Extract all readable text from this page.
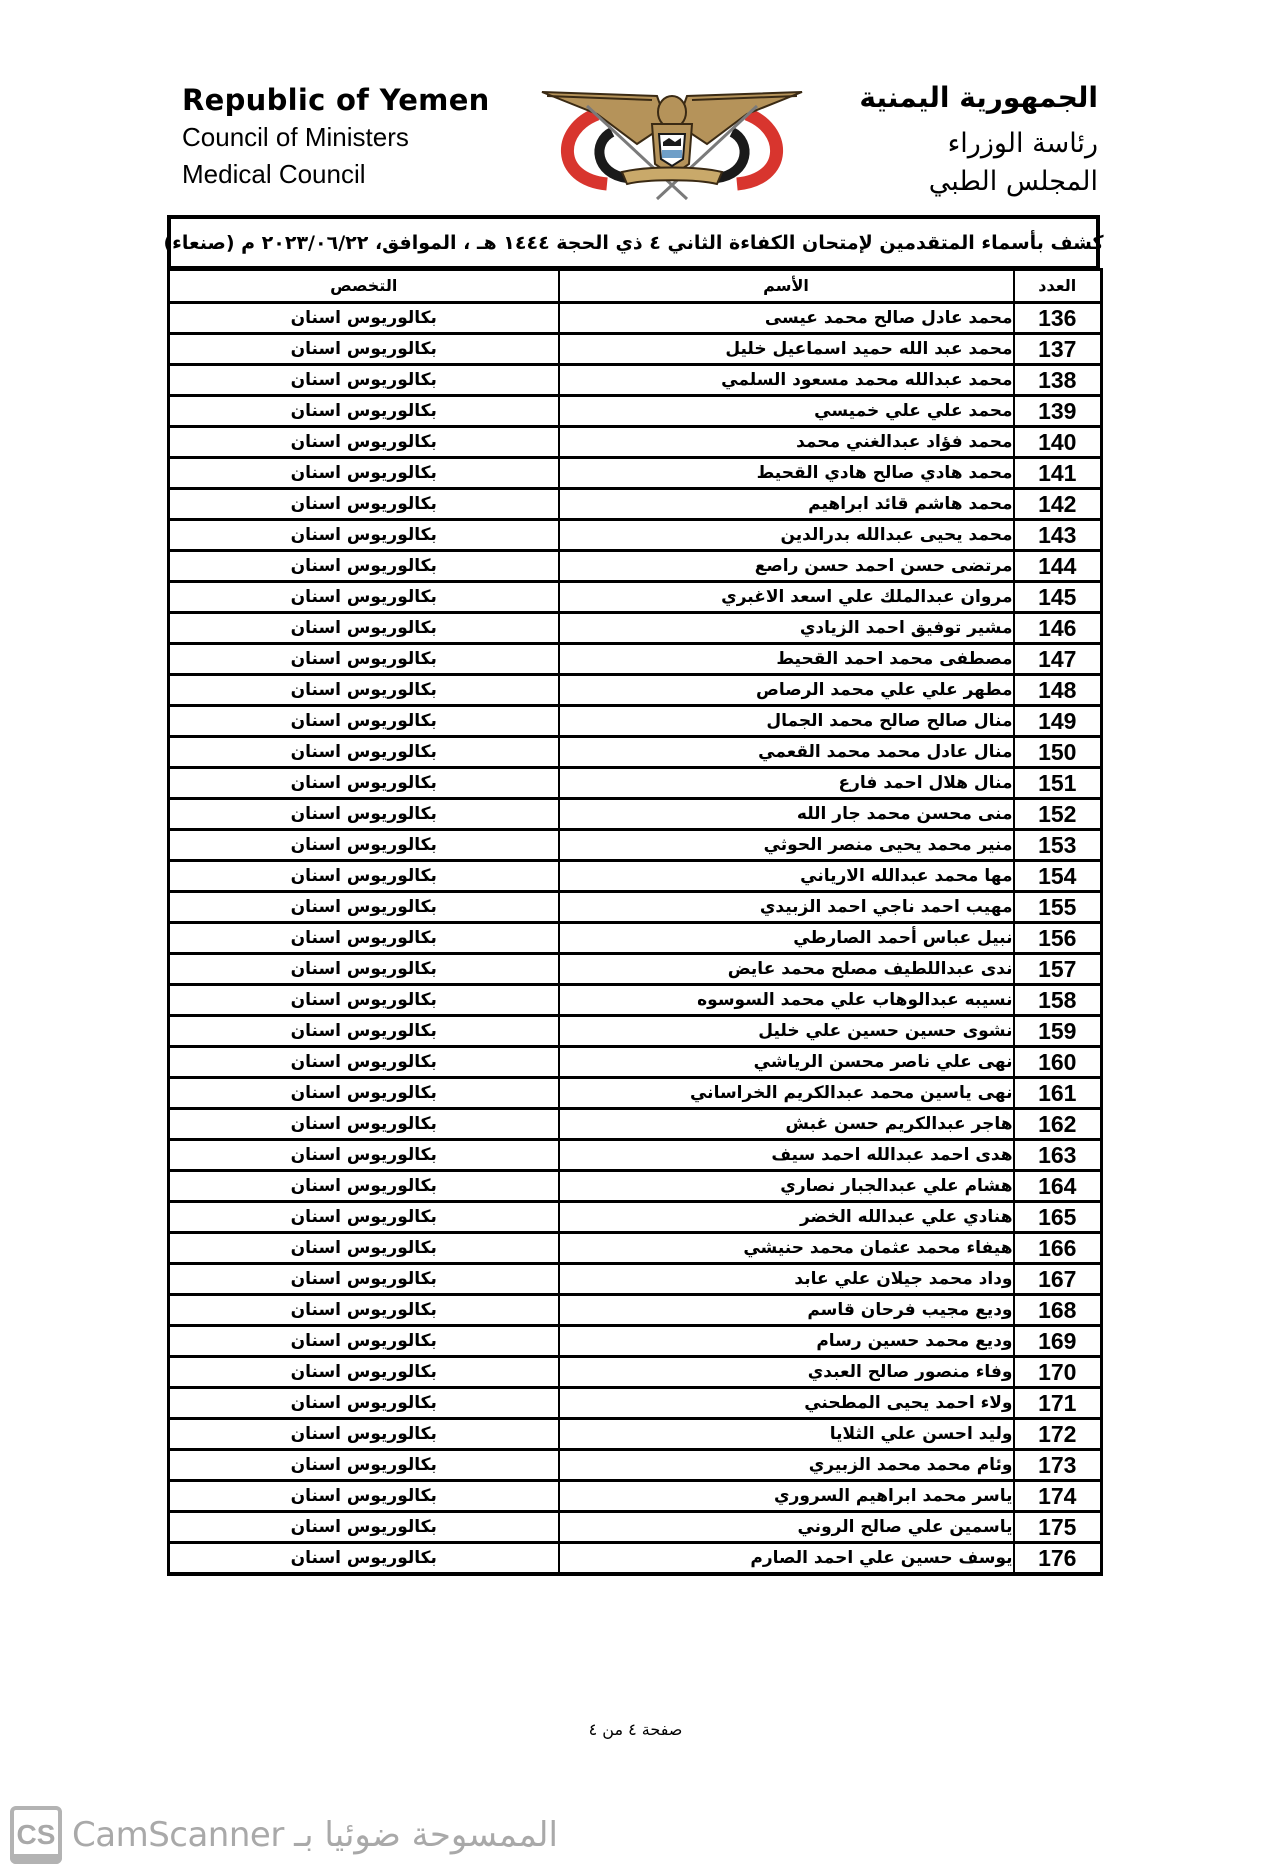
Republic of Yemen
Council of Ministers
Medical Council
الجمهورية اليمنية
رئاسة الوزراء
المجلس الطبي
كشف بأسماء المتقدمين لإمتحان الكفاءة الثاني ٤ ذي الحجة ١٤٤٤ هـ ، الموافق، ٢٠٢٣/٠٦/٢٢ م (صنعاء)
العدد	الأسم	التخصص
136	محمد عادل صالح محمد عيسى	بكالوريوس اسنان
137	محمد عبد الله حميد اسماعيل خليل	بكالوريوس اسنان
138	محمد عبدالله محمد مسعود السلمي	بكالوريوس اسنان
139	محمد علي علي خميسي	بكالوريوس اسنان
140	محمد فؤاد عبدالغني محمد	بكالوريوس اسنان
141	محمد هادي صالح هادي القحيط	بكالوريوس اسنان
142	محمد هاشم قائد ابراهيم	بكالوريوس اسنان
143	محمد يحيى عبدالله بدرالدين	بكالوريوس اسنان
144	مرتضى حسن احمد حسن راصع	بكالوريوس اسنان
145	مروان عبدالملك علي اسعد الاغبري	بكالوريوس اسنان
146	مشير توفيق احمد الزيادي	بكالوريوس اسنان
147	مصطفى محمد احمد القحيط	بكالوريوس اسنان
148	مطهر علي علي محمد الرصاص	بكالوريوس اسنان
149	منال صالح صالح محمد الجمال	بكالوريوس اسنان
150	منال عادل محمد محمد القعمي	بكالوريوس اسنان
151	منال هلال احمد فارع	بكالوريوس اسنان
152	منى محسن محمد جار الله	بكالوريوس اسنان
153	منير محمد يحيى منصر الحوثي	بكالوريوس اسنان
154	مها محمد عبدالله الارياني	بكالوريوس اسنان
155	مهيب احمد ناجي احمد الزبيدي	بكالوريوس اسنان
156	نبيل عباس أحمد الصارطي	بكالوريوس اسنان
157	ندى عبداللطيف مصلح محمد عايض	بكالوريوس اسنان
158	نسيبه عبدالوهاب علي محمد السوسوه	بكالوريوس اسنان
159	نشوى حسين حسين علي خليل	بكالوريوس اسنان
160	نهى علي ناصر محسن الرياشي	بكالوريوس اسنان
161	نهى ياسين محمد عبدالكريم الخراساني	بكالوريوس اسنان
162	هاجر عبدالكريم حسن غبش	بكالوريوس اسنان
163	هدى احمد عبدالله احمد سيف	بكالوريوس اسنان
164	هشام علي عبدالجبار نصاري	بكالوريوس اسنان
165	هنادي علي عبدالله الخضر	بكالوريوس اسنان
166	هيفاء محمد عثمان محمد حنيشي	بكالوريوس اسنان
167	وداد محمد جيلان علي عابد	بكالوريوس اسنان
168	وديع مجيب فرحان قاسم	بكالوريوس اسنان
169	وديع محمد حسين رسام	بكالوريوس اسنان
170	وفاء منصور صالح العبدي	بكالوريوس اسنان
171	ولاء احمد يحيى المطحني	بكالوريوس اسنان
172	وليد احسن علي الثلايا	بكالوريوس اسنان
173	وئام محمد محمد الزبيري	بكالوريوس اسنان
174	ياسر محمد ابراهيم السروري	بكالوريوس اسنان
175	ياسمين علي صالح الروني	بكالوريوس اسنان
176	يوسف حسين علي احمد الصارم	بكالوريوس اسنان
صفحة ٤ من ٤
CS CamScanner الممسوحة ضوئيا بـ
